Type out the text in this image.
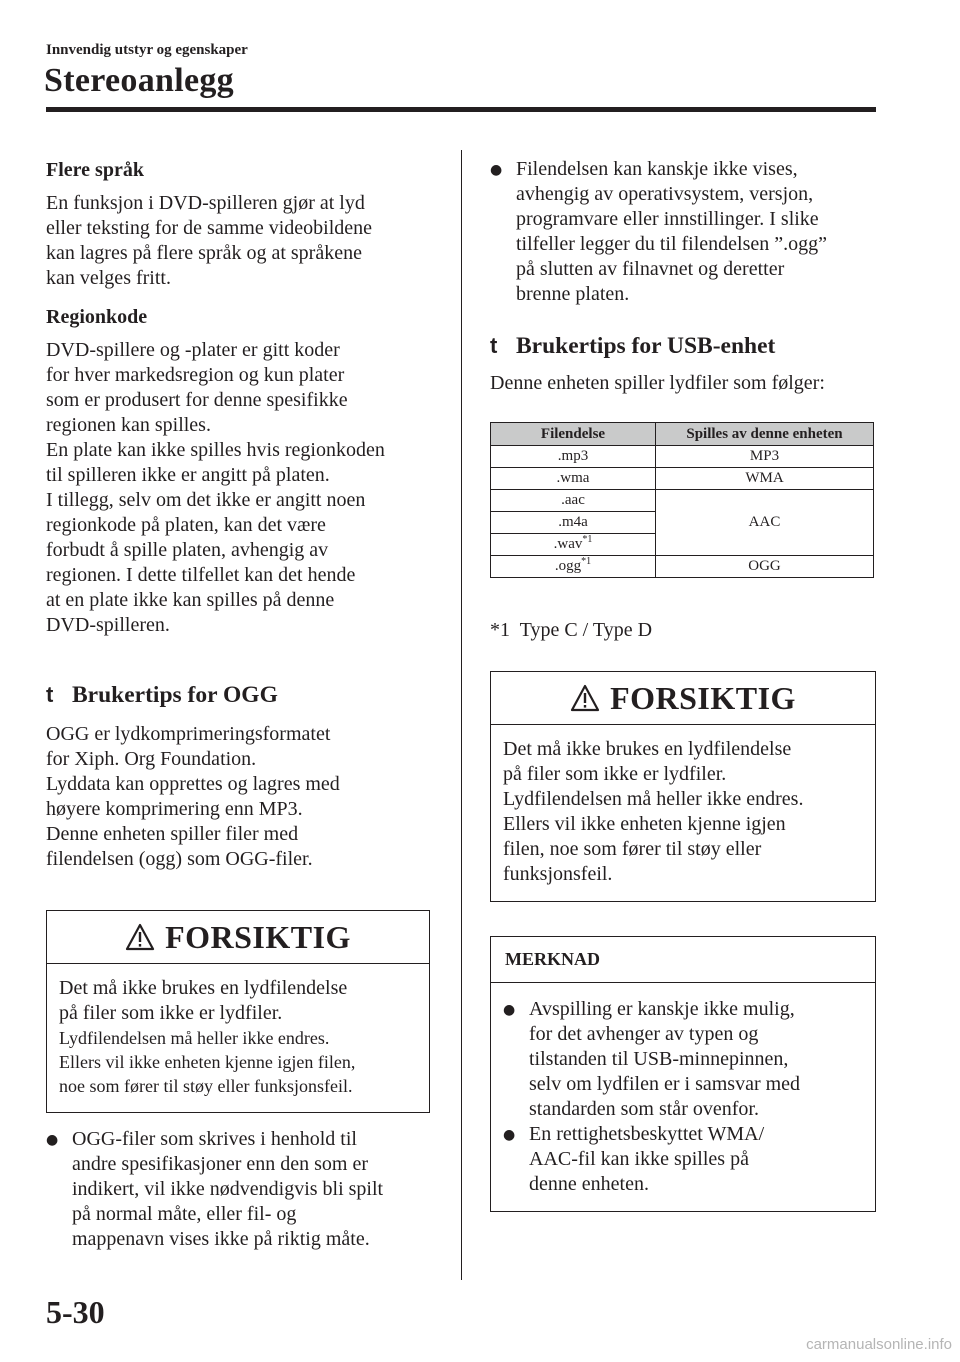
Innvendig utstyr og egenskaper
Stereoanlegg
Flere språk

En funksjon i DVD-spilleren gjør at lyd
eller teksting for de samme videobildene
kan lagres på flere språk og at språkene
kan velges fritt.

Regionkode

DVD-spillere og -plater er gitt koder
for hver markedsregion og kun plater
som er produsert for denne spesifikke
regionen kan spilles.
En plate kan ikke spilles hvis regionkoden
til spilleren ikke er angitt på platen.
I tillegg, selv om det ikke er angitt noen
regionkode på platen, kan det være
forbudt å spille platen, avhengig av
regionen. I dette tilfellet kan det hende
at en plate ikke kan spilles på denne
DVD-spilleren.

t Brukertips for OGG

OGG er lydkomprimeringsformatet
for Xiph. Org Foundation.
Lyddata kan opprettes og lagres med
høyere komprimering enn MP3.
Denne enheten spiller filer med
filendelsen (ogg) som OGG-filer.

FORSIKTIG
Det må ikke brukes en lydfilendelse
på filer som ikke er lydfiler.

Lydfilendelsen må heller ikke endres.
Ellers vil ikke enheten kjenne igjen filen,
noe som fører til støy eller funksjonsfeil.
● OGG-filer som skrives i henhold til
andre spesifikasjoner enn den som er
indikert, vil ikke nødvendigvis bli spilt
på normal måte, eller fil- og
mappenavn vises ikke på riktig måte.
● Filendelsen kan kanskje ikke vises,
avhengig av operativsystem, versjon,
programvare eller innstillinger. I slike
tilfeller legger du til filendelsen ”.ogg”
på slutten av filnavnet og deretter
brenne platen.
t Brukertips for USB-enhet

Denne enheten spiller lydfiler som følger:

Filendelse	Spilles av denne enheten
.mp3	MP3
.wma	WMA
.aac	AAC
.m4a	
.wav$^{*1}$
.ogg$^{*1}$	OGG

*1  Type C / Type D

FORSIKTIG
Det må ikke brukes en lydfilendelse
på filer som ikke er lydfiler.
Lydfilendelsen må heller ikke endres.
Ellers vil ikke enheten kjenne igjen
filen, noe som fører til støy eller
funksjonsfeil.
MERKNAD
● Avspilling er kanskje ikke mulig,
for det avhenger av typen og
tilstanden til USB-minnepinnen,
selv om lydfilen er i samsvar med
standarden som står ovenfor.
● En rettighetsbeskyttet WMA/
AAC-fil kan ikke spilles på
denne enheten.
5-30
carmanualsonline.info
